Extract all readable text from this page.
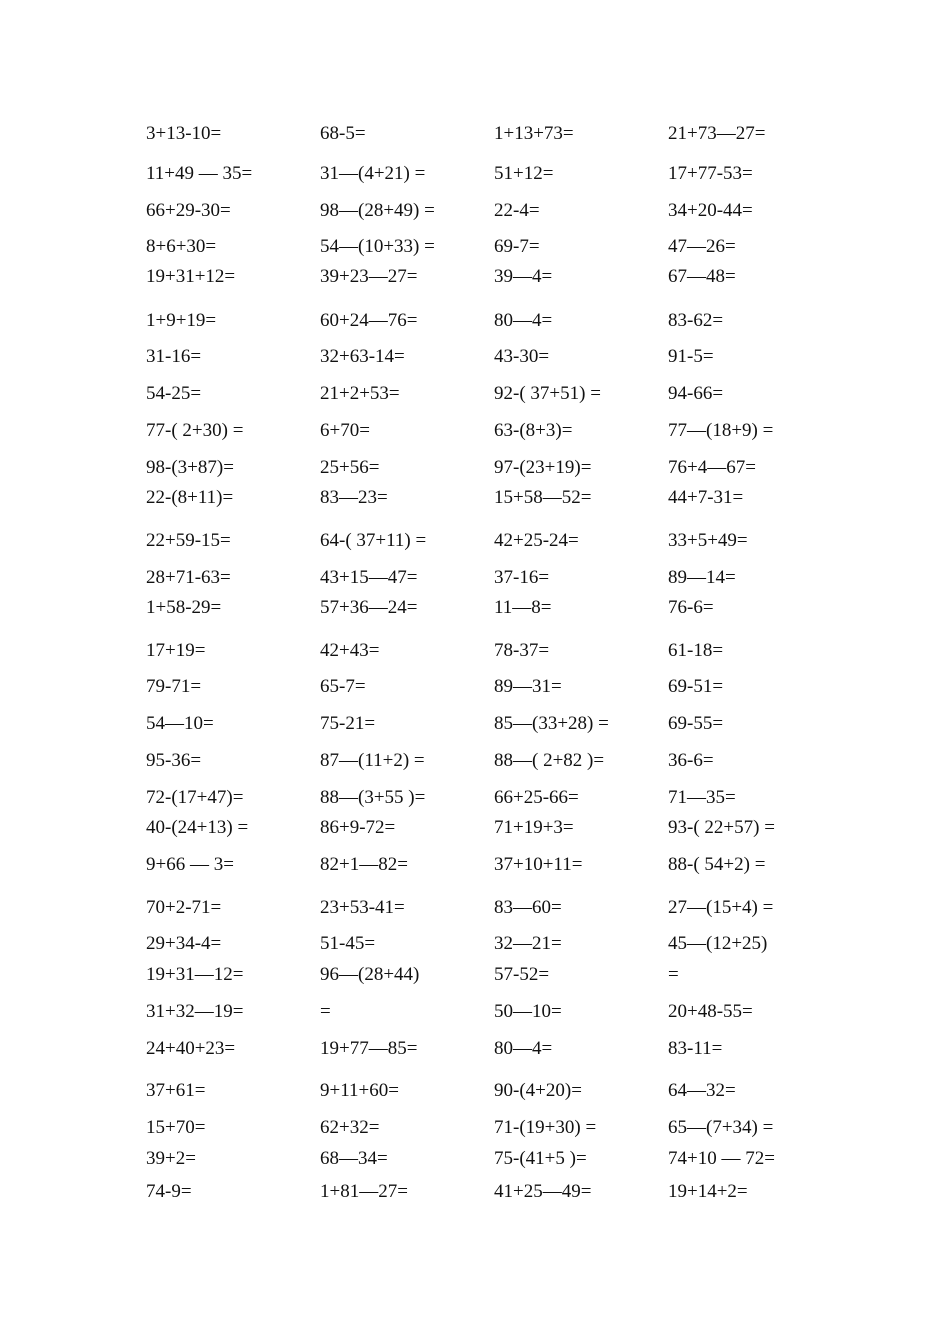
3+13-10=	68-5=	1+13+73=	21+73—27=
11+49 — 35=	31—(4+21) =	51+12=	17+77-53=
66+29-30=	98—(28+49) =	22-4=	34+20-44=
8+6+30=	54—(10+33) =	69-7=	47—26=
19+31+12=	39+23—27=	39—4=	67—48=
1+9+19=	60+24—76=	80—4=	83-62=
31-16=	32+63-14=	43-30=	91-5=
54-25=	21+2+53=	92-( 37+51) =	94-66=
77-( 2+30) =	6+70=	63-(8+3)=	77—(18+9) =
98-(3+87)=	25+56=	97-(23+19)=	76+4—67=
22-(8+11)=	83—23=	15+58—52=	44+7-31=
22+59-15=	64-( 37+11) =	42+25-24=	33+5+49=
28+71-63=	43+15—47=	37-16=	89—14=
1+58-29=	57+36—24=	11—8=	76-6=
17+19=	42+43=	78-37=	61-18=
79-71=	65-7=	89—31=	69-51=
54—10=	75-21=	85—(33+28) =	69-55=
95-36=	87—(11+2) =	88—( 2+82 )=	36-6=
72-(17+47)=	88—(3+55 )=	66+25-66=	71—35=
40-(24+13) =	86+9-72=	71+19+3=	93-( 22+57) =
9+66 — 3=	82+1—82=	37+10+11=	88-( 54+2) =
70+2-71=	23+53-41=	83—60=	27—(15+4) =
29+34-4=	51-45=	32—21=	45—(12+25)
19+31—12=	96—(28+44)	57-52=	=
31+32—19=	=	50—10=	20+48-55=
24+40+23=	19+77—85=	80—4=	83-11=
37+61=	9+11+60=	90-(4+20)=	64—32=
15+70=	62+32=	71-(19+30) =	65—(7+34) =
39+2=	68—34=	75-(41+5 )=	74+10 — 72=
74-9=	1+81—27=	41+25—49=	19+14+2=
